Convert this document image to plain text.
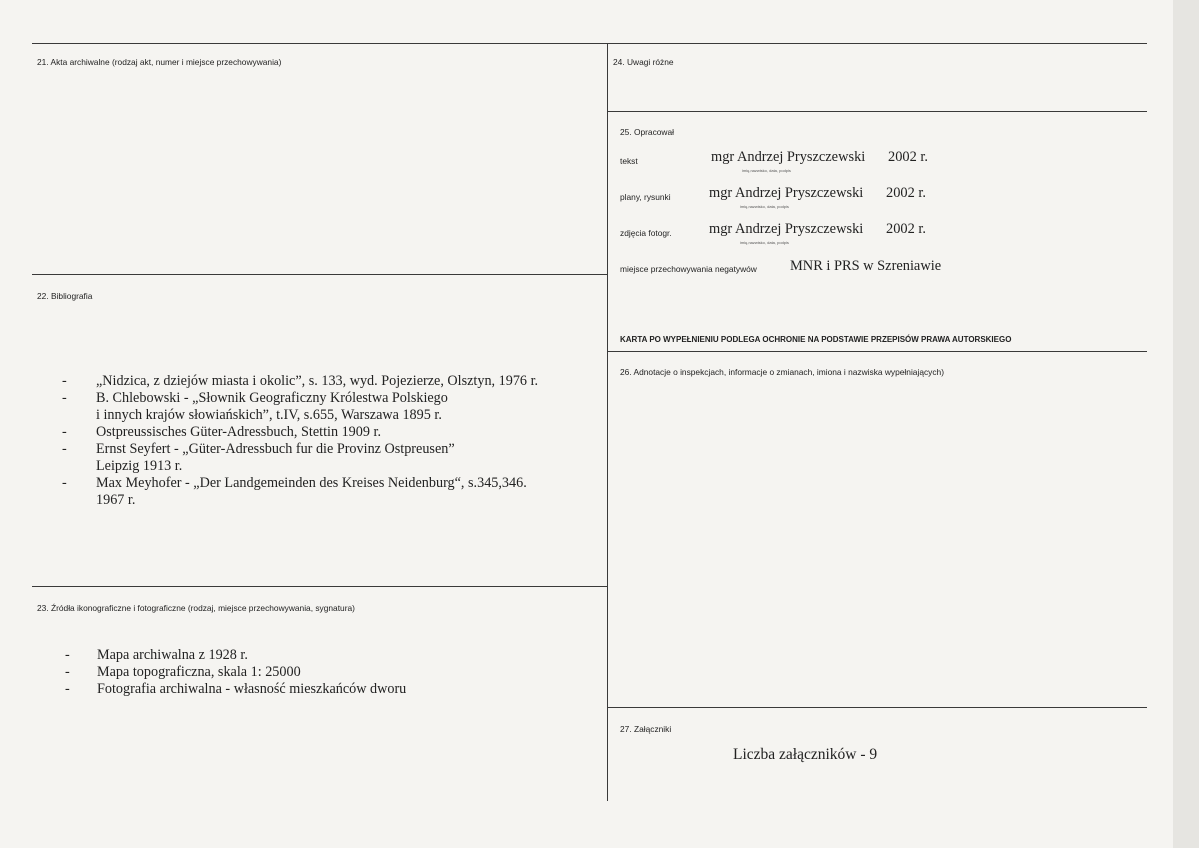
21. Akta archiwalne (rodzaj akt, numer i miejsce przechowywania)
22. Bibliografia
- „Nidzica, z dziejów miasta i okolic”, s. 133, wyd. Pojezierze, Olsztyn, 1976 r.
- B. Chlebowski - „Słownik Geograficzny Królestwa Polskiego
i innych krajów słowiańskich”, t.IV, s.655, Warszawa 1895 r.
- Ostpreussisches Güter-Adressbuch, Stettin 1909 r.
- Ernst Seyfert - „Güter-Adressbuch fur die Provinz Ostpreusen”
Leipzig 1913 r.
- Max Meyhofer - „Der Landgemeinden des Kreises Neidenburg“, s.345,346.
1967 r.
23. Źródła ikonograficzne i fotograficzne (rodzaj, miejsce przechowywania, sygnatura)
- Mapa archiwalna z 1928 r.
- Mapa topograficzna, skala 1: 25000
- Fotografia archiwalna - własność mieszkańców dworu
24. Uwagi różne
25. Opracował
tekst	mgr Andrzej Pryszczewski 2002 r.
imię,nazwisko, data, podpis
plany, rysunki	mgr Andrzej Pryszczewski 2002 r.
imię,nazwisko, data, podpis
zdjęcia fotogr.	mgr Andrzej Pryszczewski 2002 r.
imię,nazwisko, data, podpis
miejsce przechowywania negatywów MNR i PRS w Szreniawie
KARTA PO WYPEŁNIENIU PODLEGA OCHRONIE NA PODSTAWIE PRZEPISÓW PRAWA AUTORSKIEGO
26. Adnotacje o inspekcjach, informacje o zmianach, imiona i nazwiska wypełniających)
27. Załączniki
Liczba załączników - 9
